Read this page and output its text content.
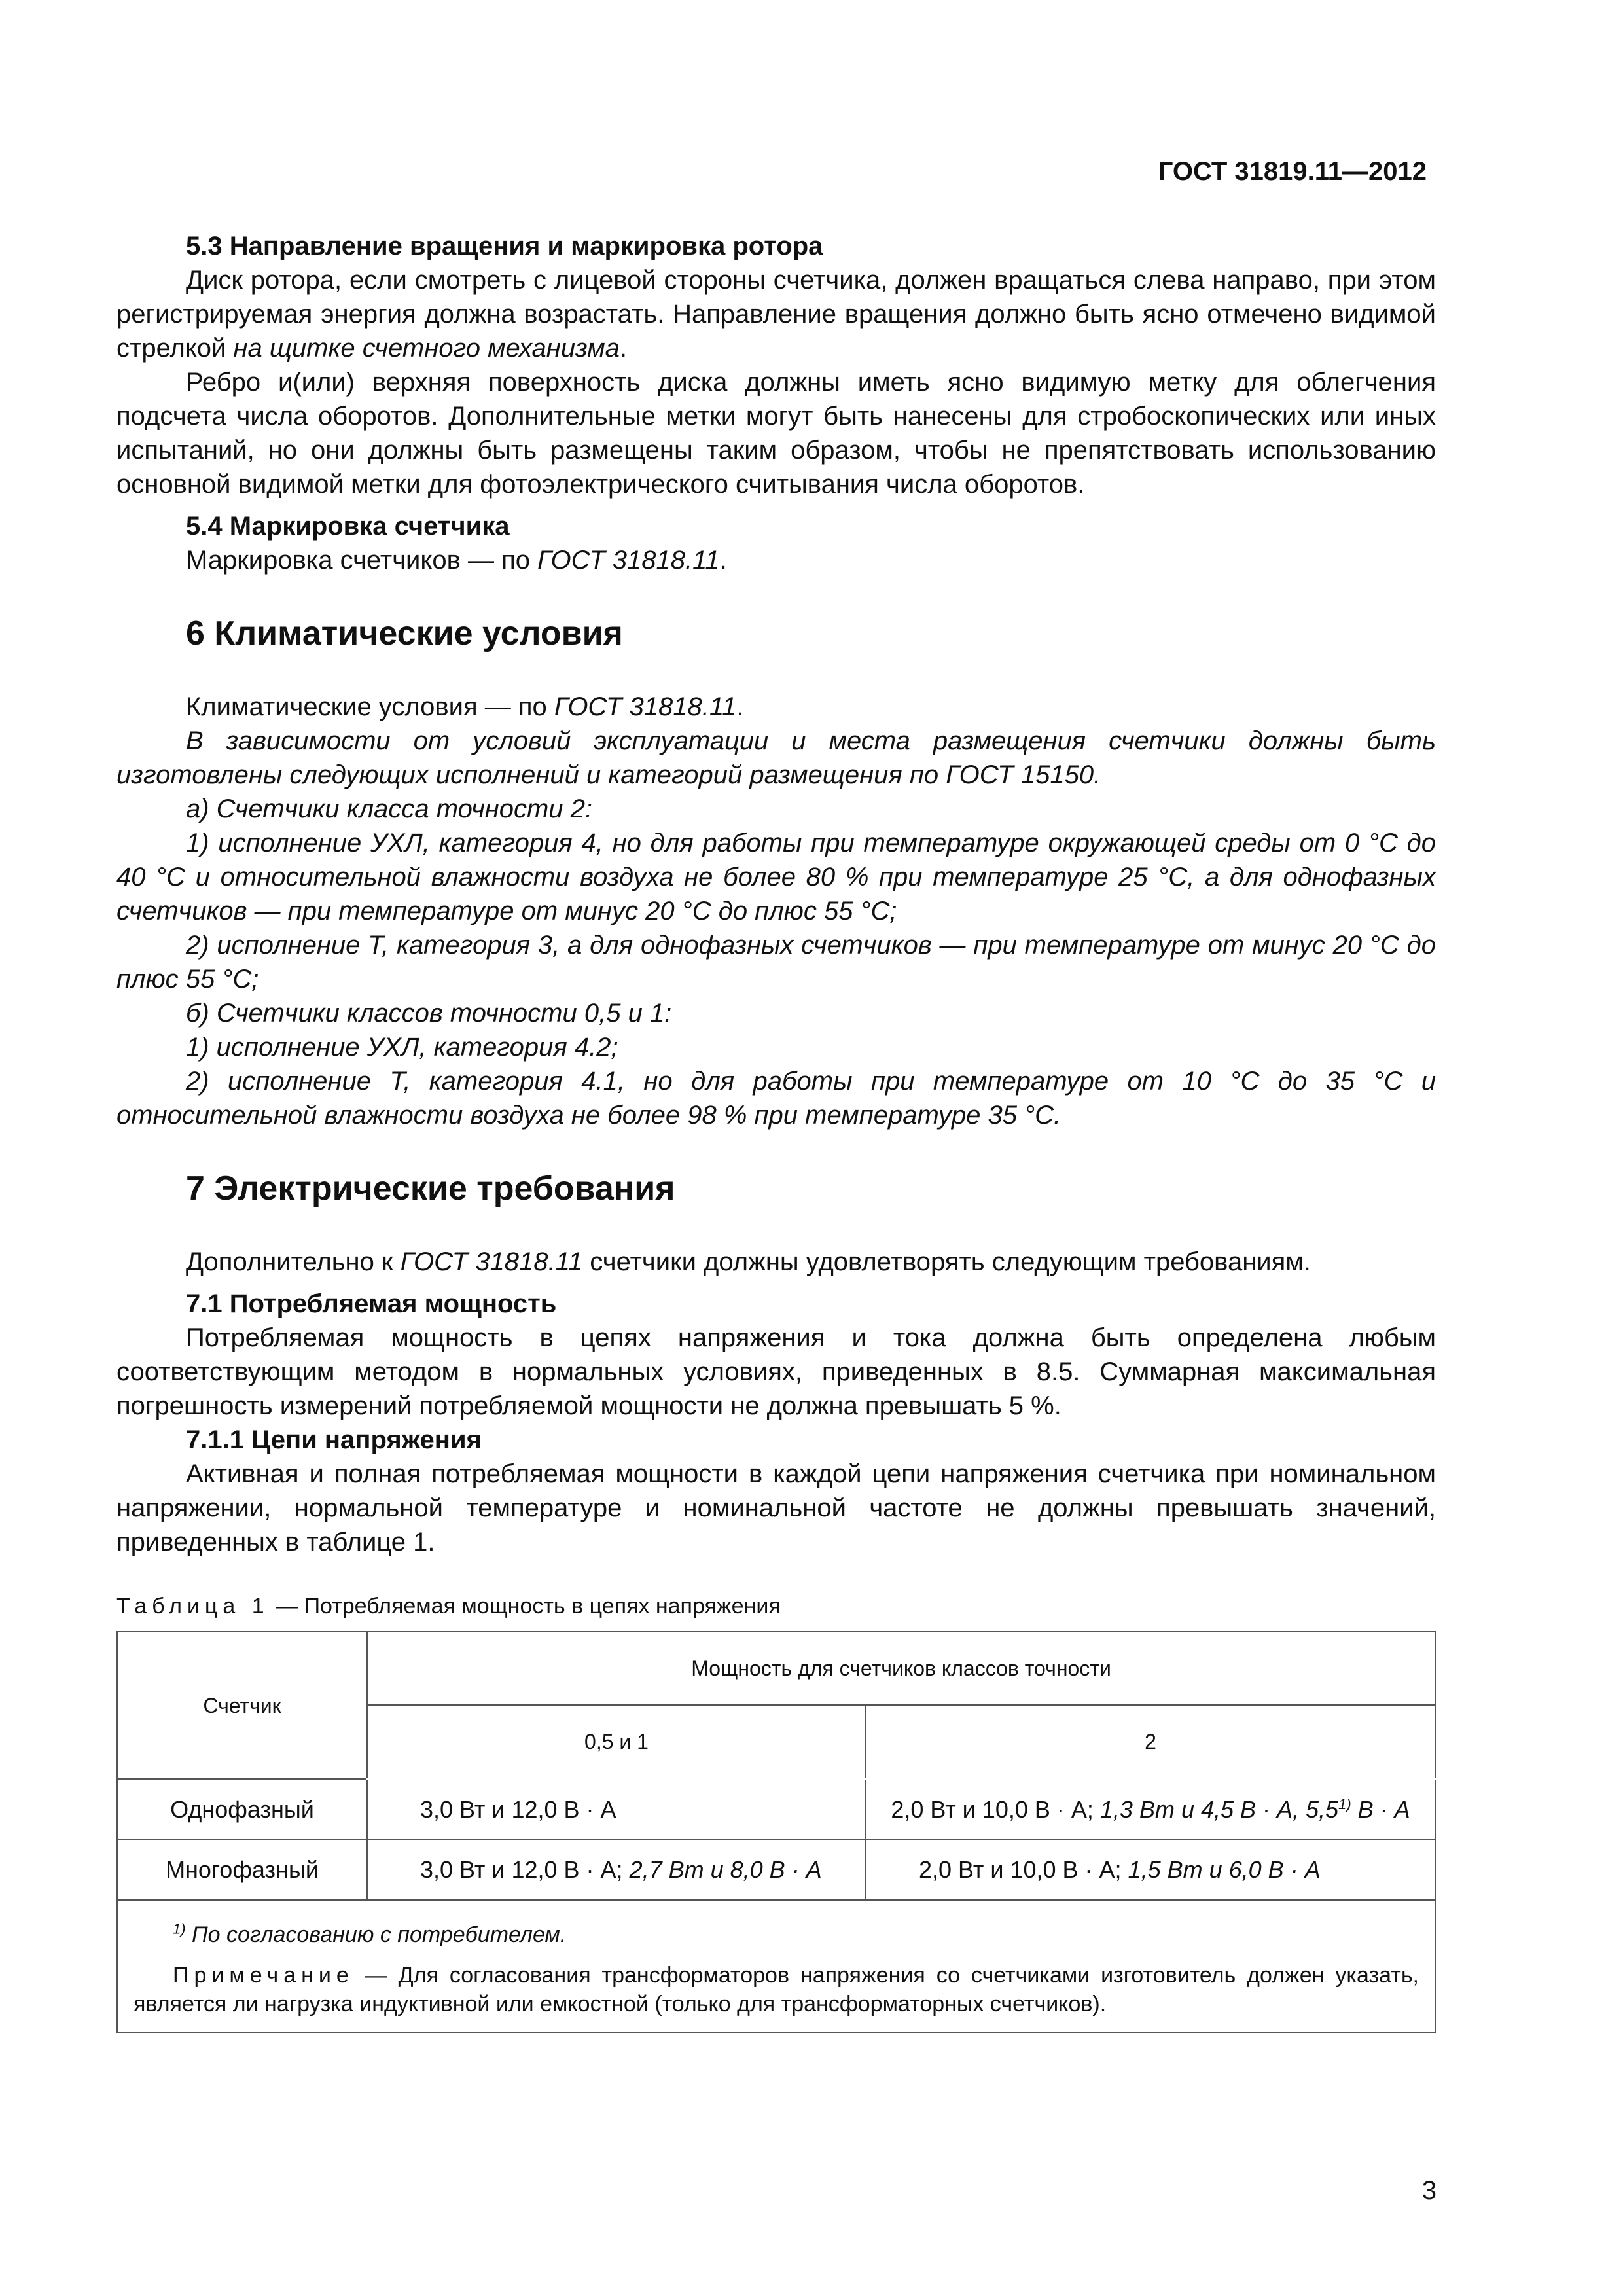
ГОСТ 31819.11—2012

5.3 Направление вращения и маркировка ротора

Диск ротора, если смотреть с лицевой стороны счетчика, должен вращаться слева направо, при этом регистрируемая энергия должна возрастать. Направление вращения должно быть ясно отмечено видимой стрелкой на щитке счетного механизма.

Ребро и(или) верхняя поверхность диска должны иметь ясно видимую метку для облегчения подсчета числа оборотов. Дополнительные метки могут быть нанесены для стробоскопических или иных испытаний, но они должны быть размещены таким образом, чтобы не препятствовать использованию основной видимой метки для фотоэлектрического считывания числа оборотов.

5.4 Маркировка счетчика

Маркировка счетчиков — по ГОСТ 31818.11.

6 Климатические условия

Климатические условия — по ГОСТ 31818.11.

В зависимости от условий эксплуатации и места размещения счетчики должны быть изготовлены следующих исполнений и категорий размещения по ГОСТ 15150.

а) Счетчики класса точности 2:

1) исполнение УХЛ, категория 4, но для работы при температуре окружающей среды от 0 °С до 40 °С и относительной влажности воздуха не более 80 % при температуре 25 °С, а для однофазных счетчиков — при температуре от минус 20 °С до плюс 55 °С;

2) исполнение Т, категория 3, а для однофазных счетчиков — при температуре от минус 20 °С до плюс 55 °С;

б) Счетчики классов точности 0,5 и 1:

1) исполнение УХЛ, категория 4.2;

2) исполнение Т, категория 4.1, но для работы при температуре от 10 °С до 35 °С и относительной влажности воздуха не более 98 % при температуре 35 °С.

7 Электрические требования

Дополнительно к ГОСТ 31818.11 счетчики должны удовлетворять следующим требованиям.

7.1 Потребляемая мощность

Потребляемая мощность в цепях напряжения и тока должна быть определена любым соответствующим методом в нормальных условиях, приведенных в 8.5. Суммарная максимальная погрешность измерений потребляемой мощности не должна превышать 5 %.

7.1.1 Цепи напряжения

Активная и полная потребляемая мощности в каждой цепи напряжения счетчика при номинальном напряжении, нормальной температуре и номинальной частоте не должны превышать значений, приведенных в таблице 1.

Таблица 1 — Потребляемая мощность в цепях напряжения
Счетчик	Мощность для счетчиков классов точности	
	0,5 и 1	2
Однофазный	3,0 Вт и 12,0 В · А	2,0 Вт и 10,0 В · А; 1,3 Вт и 4,5 В · А, 5,5$^{1)}$ В · А
Многофазный	3,0 Вт и 12,0 В · А; 2,7 Вт и 8,0 В · А	2,0 Вт и 10,0 В · А; 1,5 Вт и 6,0 В · А

$^{1)}$ По согласованию с потребителем.
Примечание — Для согласования трансформаторов напряжения со счетчиками изготовитель должен указать, является ли нагрузка индуктивной или емкостной (только для трансформаторных счетчиков).		
3
